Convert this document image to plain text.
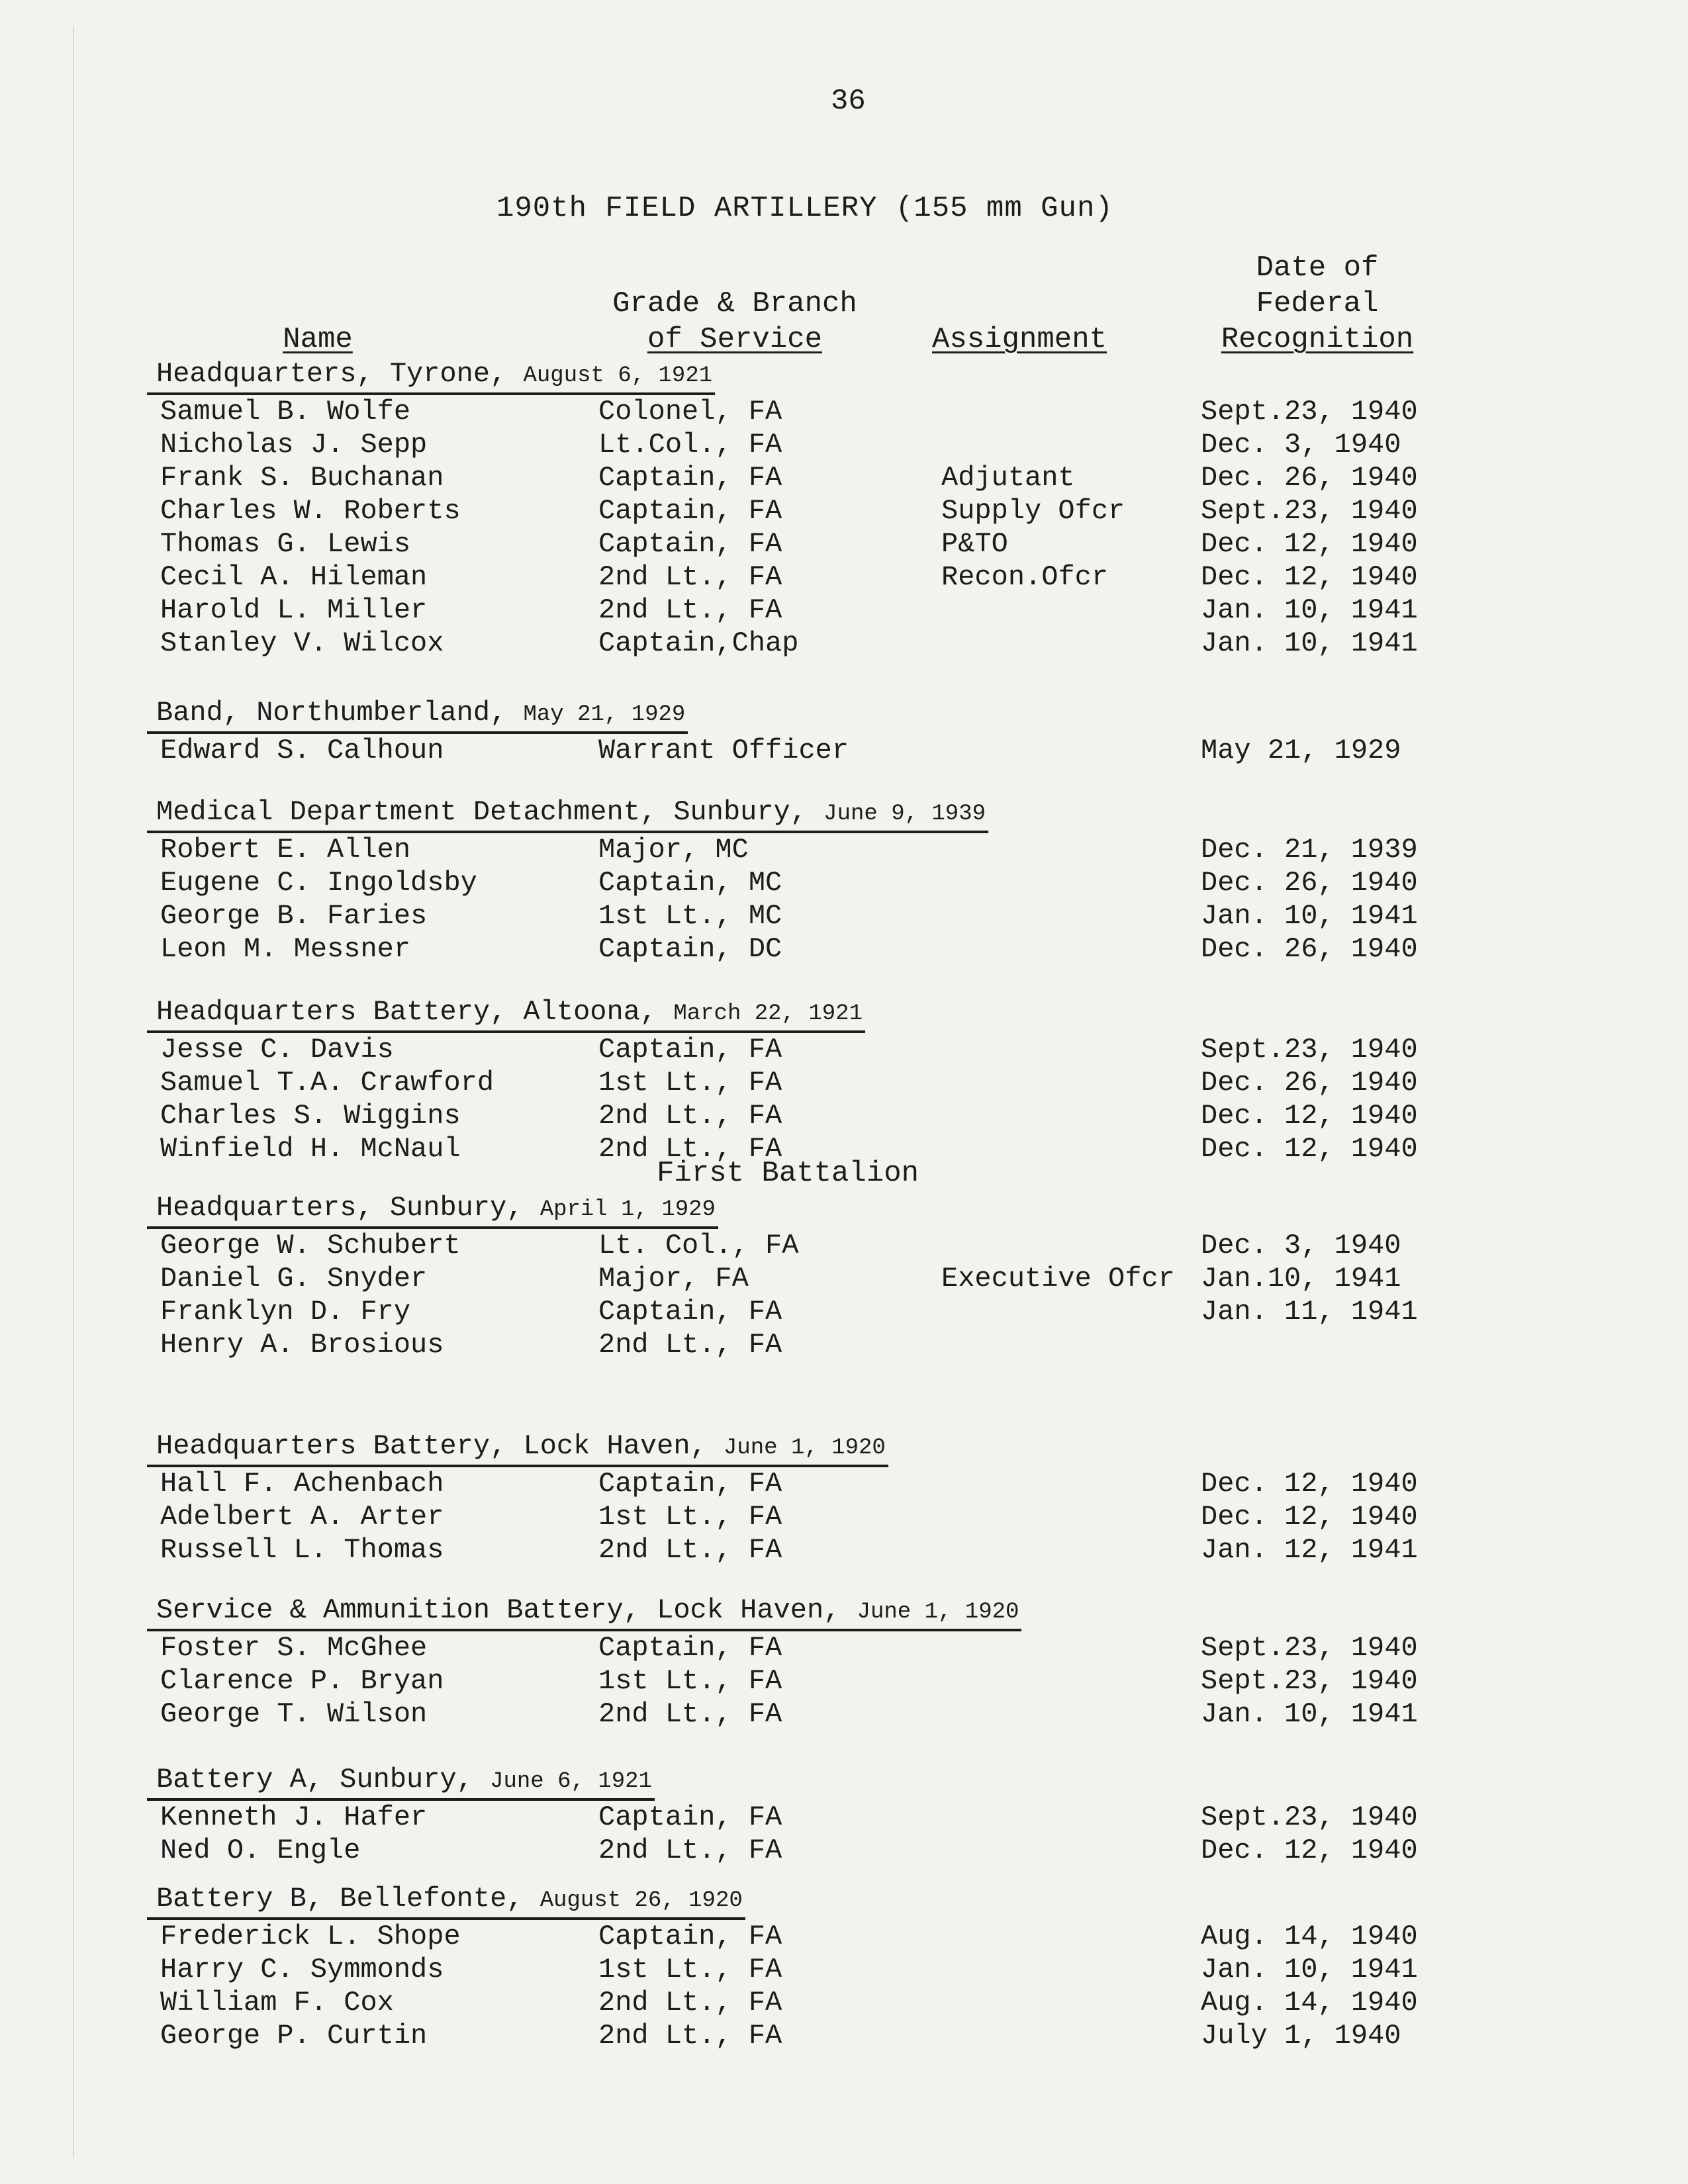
36
190th FIELD ARTILLERY (155 mm Gun)
Name
Grade & Branch
of Service	Assignment
Date of
Federal
Recognition
Headquarters, Tyrone, August 6, 1921
Samuel B. Wolfe	Colonel, FA	Sept.23, 1940
Nicholas J. Sepp	Lt.Col., FA	Dec. 3, 1940
Frank S. Buchanan	Captain, FA	Adjutant	Dec. 26, 1940
Charles W. Roberts	Captain, FA	Supply Ofcr	Sept.23, 1940
Thomas G. Lewis	Captain, FA	P&TO	Dec. 12, 1940
Cecil A. Hileman	2nd Lt., FA	Recon.Ofcr	Dec. 12, 1940
Harold L. Miller	2nd Lt., FA	Jan. 10, 1941
Stanley V. Wilcox	Captain,Chap	Jan. 10, 1941
Band, Northumberland, May 21, 1929
Edward S. Calhoun	Warrant Officer	May 21, 1929
Medical Department Detachment, Sunbury, June 9, 1939
Robert E. Allen	Major, MC	Dec. 21, 1939
Eugene C. Ingoldsby	Captain, MC	Dec. 26, 1940
George B. Faries	1st Lt., MC	Jan. 10, 1941
Leon M. Messner	Captain, DC	Dec. 26, 1940
Headquarters Battery, Altoona, March 22, 1921
Jesse C. Davis	Captain, FA	Sept.23, 1940
Samuel T.A. Crawford	1st Lt., FA	Dec. 26, 1940
Charles S. Wiggins	2nd Lt., FA	Dec. 12, 1940
Winfield H. McNaul	2nd Lt., FA	Dec. 12, 1940
First Battalion
Headquarters, Sunbury, April 1, 1929
George W. Schubert	Lt. Col., FA	Dec. 3, 1940
Daniel G. Snyder	Major, FA	Executive Ofcr Jan.10, 1941
Franklyn D. Fry	Captain, FA	Jan. 11, 1941
Henry A. Brosious	2nd Lt., FA
Headquarters Battery, Lock Haven, June 1, 1920
Hall F. Achenbach	Captain, FA	Dec. 12, 1940
Adelbert A. Arter	1st Lt., FA	Dec. 12, 1940
Russell L. Thomas	2nd Lt., FA	Jan. 12, 1941
Service & Ammunition Battery, Lock Haven, June 1, 1920
Foster S. McGhee	Captain, FA	Sept.23, 1940
Clarence P. Bryan	1st Lt., FA	Sept.23, 1940
George T. Wilson	2nd Lt., FA	Jan. 10, 1941
Battery A, Sunbury, June 6, 1921
Kenneth J. Hafer	Captain, FA	Sept.23, 1940
Ned O. Engle	2nd Lt., FA	Dec. 12, 1940
Battery B, Bellefonte, August 26, 1920
Frederick L. Shope	Captain, FA	Aug. 14, 1940
Harry C. Symmonds	1st Lt., FA	Jan. 10, 1941
William F. Cox	2nd Lt., FA	Aug. 14, 1940
George P. Curtin	2nd Lt., FA	July 1, 1940
